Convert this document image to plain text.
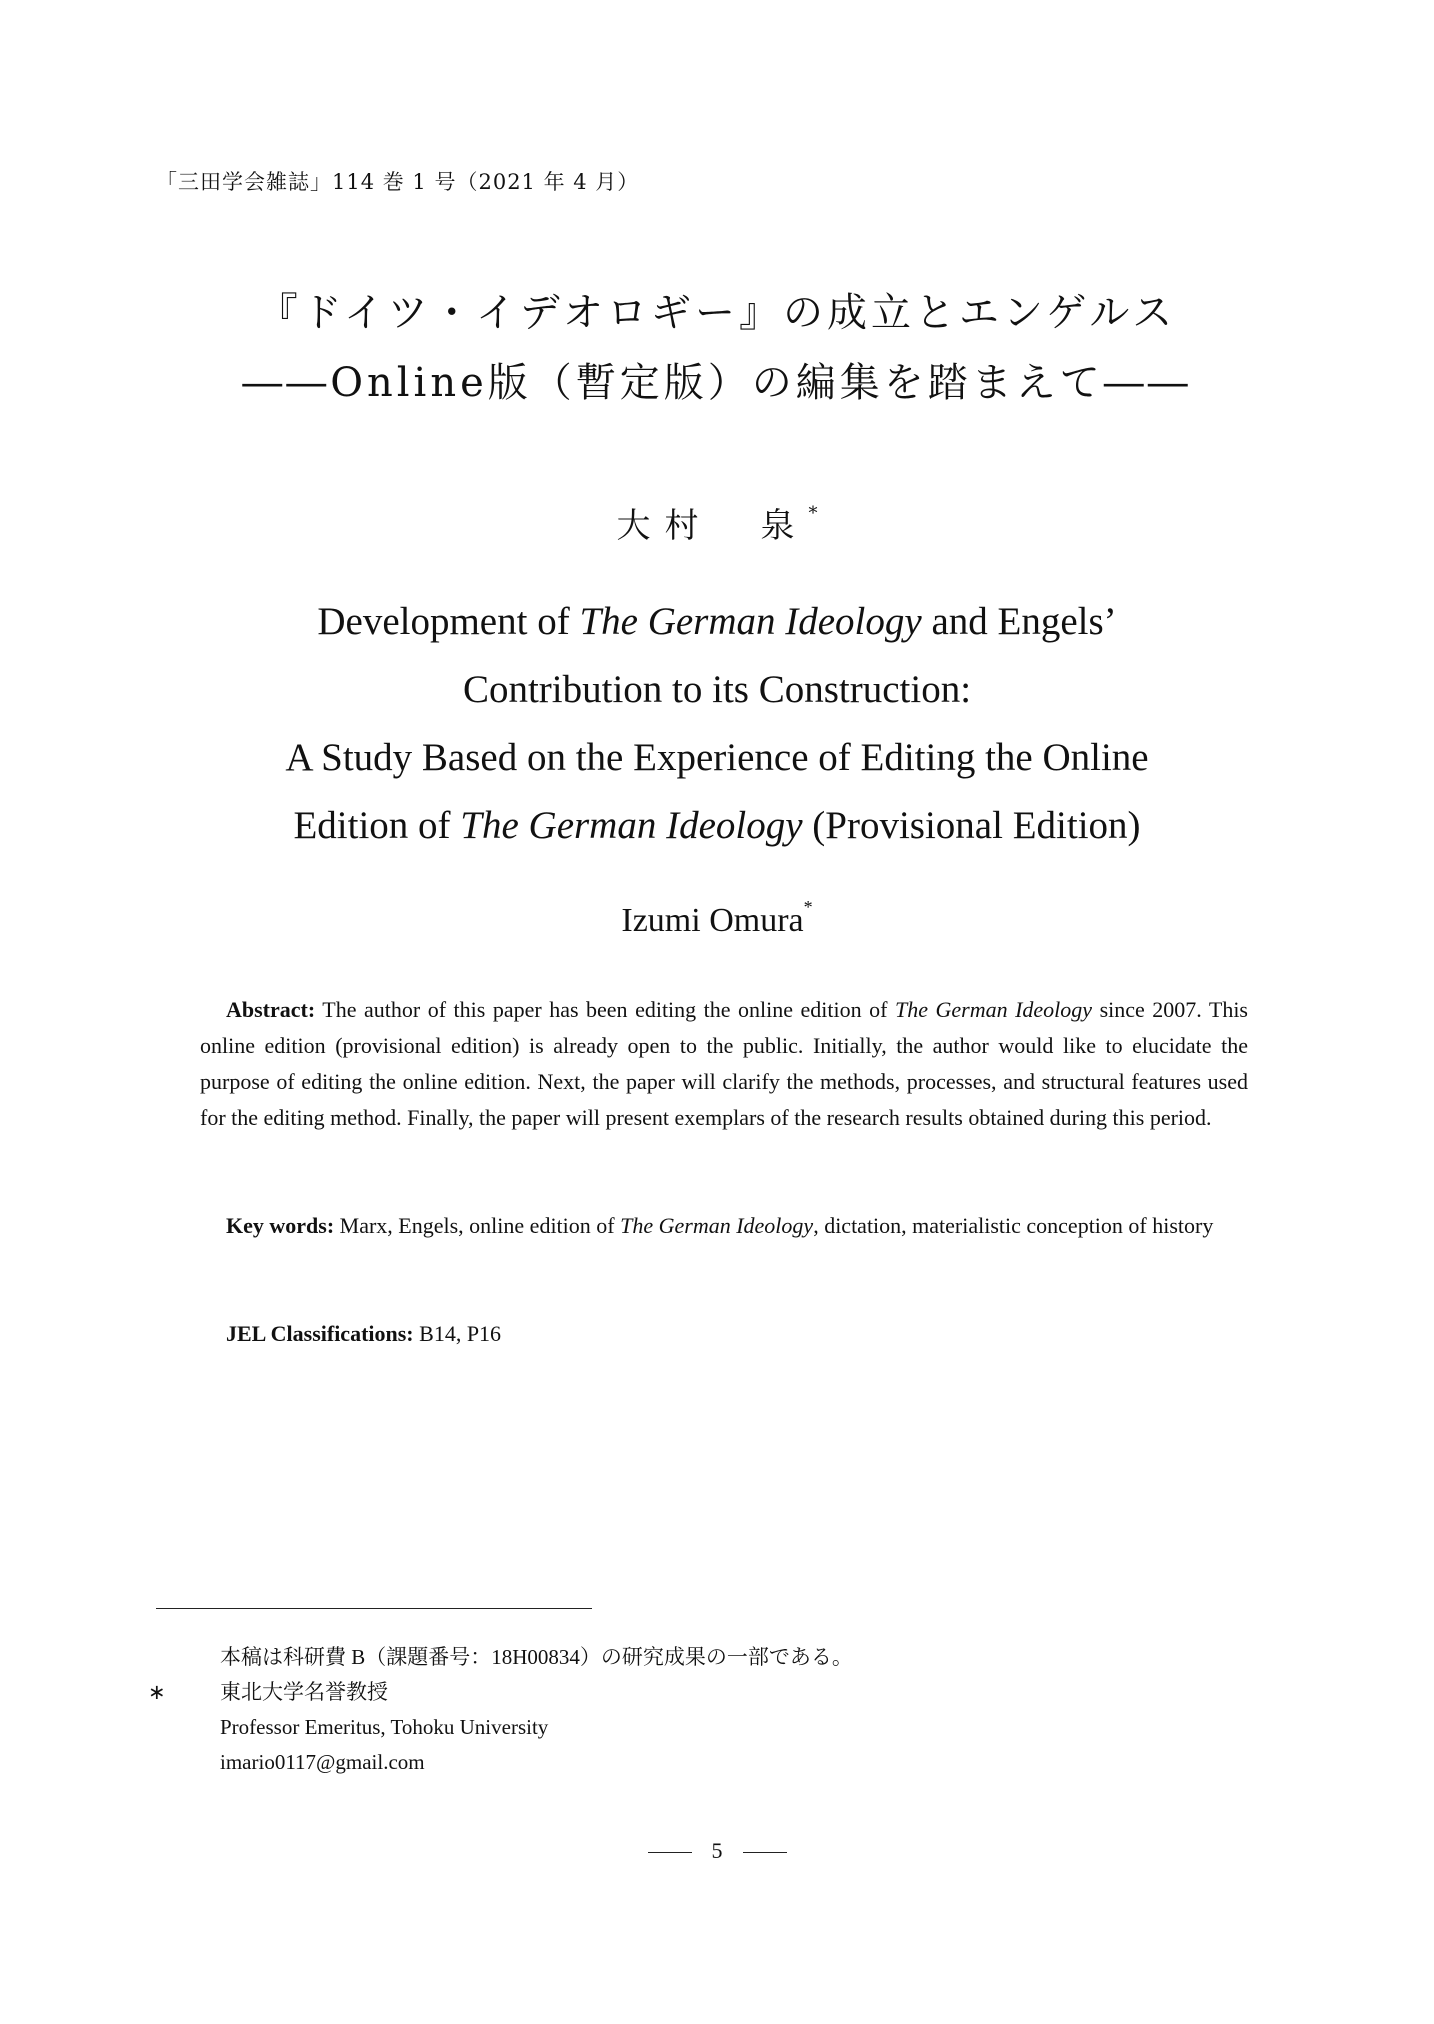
「三田学会雑誌」114 巻 1 号（2021 年 4 月）
『ドイツ・イデオロギー』の成立とエンゲルス
――Online版（暫定版）の編集を踏まえて――
大村　泉*
Development of The German Ideology and Engels’
Contribution to its Construction:
A Study Based on the Experience of Editing the Online
Edition of The German Ideology (Provisional Edition)
Izumi Omura*
Abstract: The author of this paper has been editing the online edition of The German Ideology since 2007. This online edition (provisional edition) is already open to the public. Initially, the author would like to elucidate the purpose of editing the online edition. Next, the paper will clarify the methods, processes, and structural features used for the editing method. Finally, the paper will present exemplars of the research results obtained during this period.
Key words: Marx, Engels, online edition of The German Ideology, dictation, materialistic conception of history
JEL Classifications: B14, P16
本稿は科研費 B（課題番号：18H00834）の研究成果の一部である。
∗	東北大学名誉教授
Professor Emeritus, Tohoku University
imario0117@gmail.com
5
